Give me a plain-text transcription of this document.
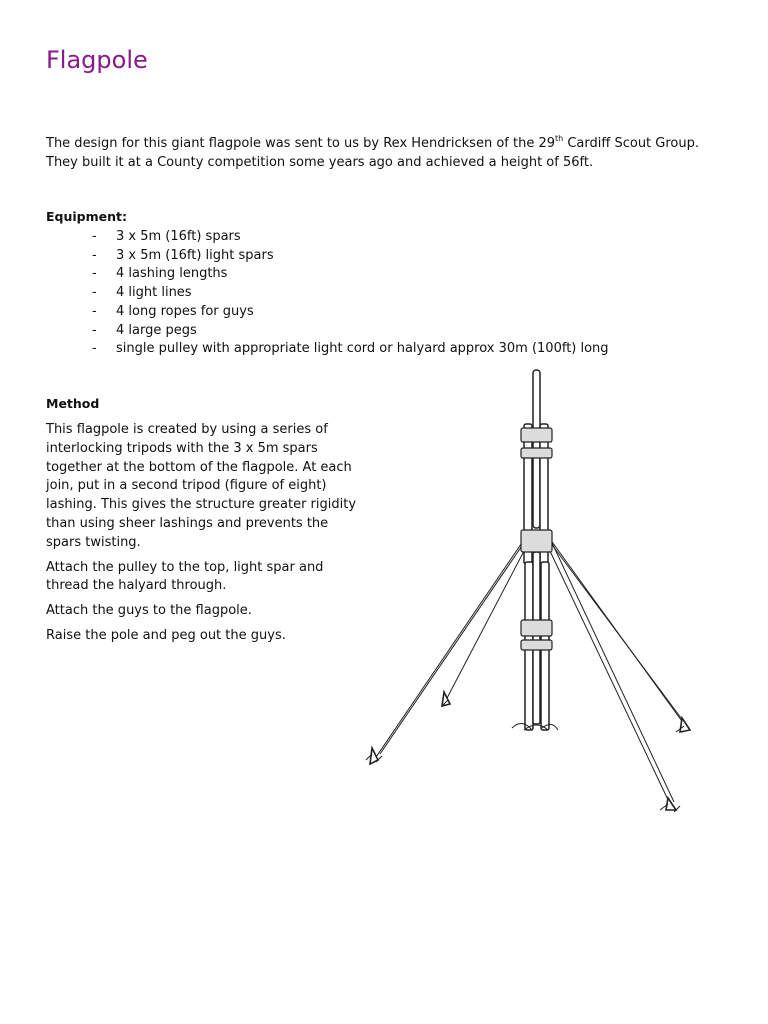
Flagpole
The design for this giant flagpole was sent to us by Rex Hendricksen of the 29th Cardiff Scout Group.
They built it at a County competition some years ago and achieved a height of 56ft.
Equipment:
- 3 x 5m (16ft) spars
- 3 x 5m (16ft) light spars
- 4 lashing lengths
- 4 light lines
- 4 long ropes for guys
- 4 large pegs
- single pulley with appropriate light cord or halyard approx 30m (100ft) long
Method

This flagpole is created by using a series of interlocking tripods with the 3 x 5m spars together at the bottom of the flagpole. At each join, put in a second tripod (figure of eight) lashing. This gives the structure greater rigidity than using sheer lashings and prevents the spars twisting.

Attach the pulley to the top, light spar and thread the halyard through.

Attach the guys to the flagpole.

Raise the pole and peg out the guys.
